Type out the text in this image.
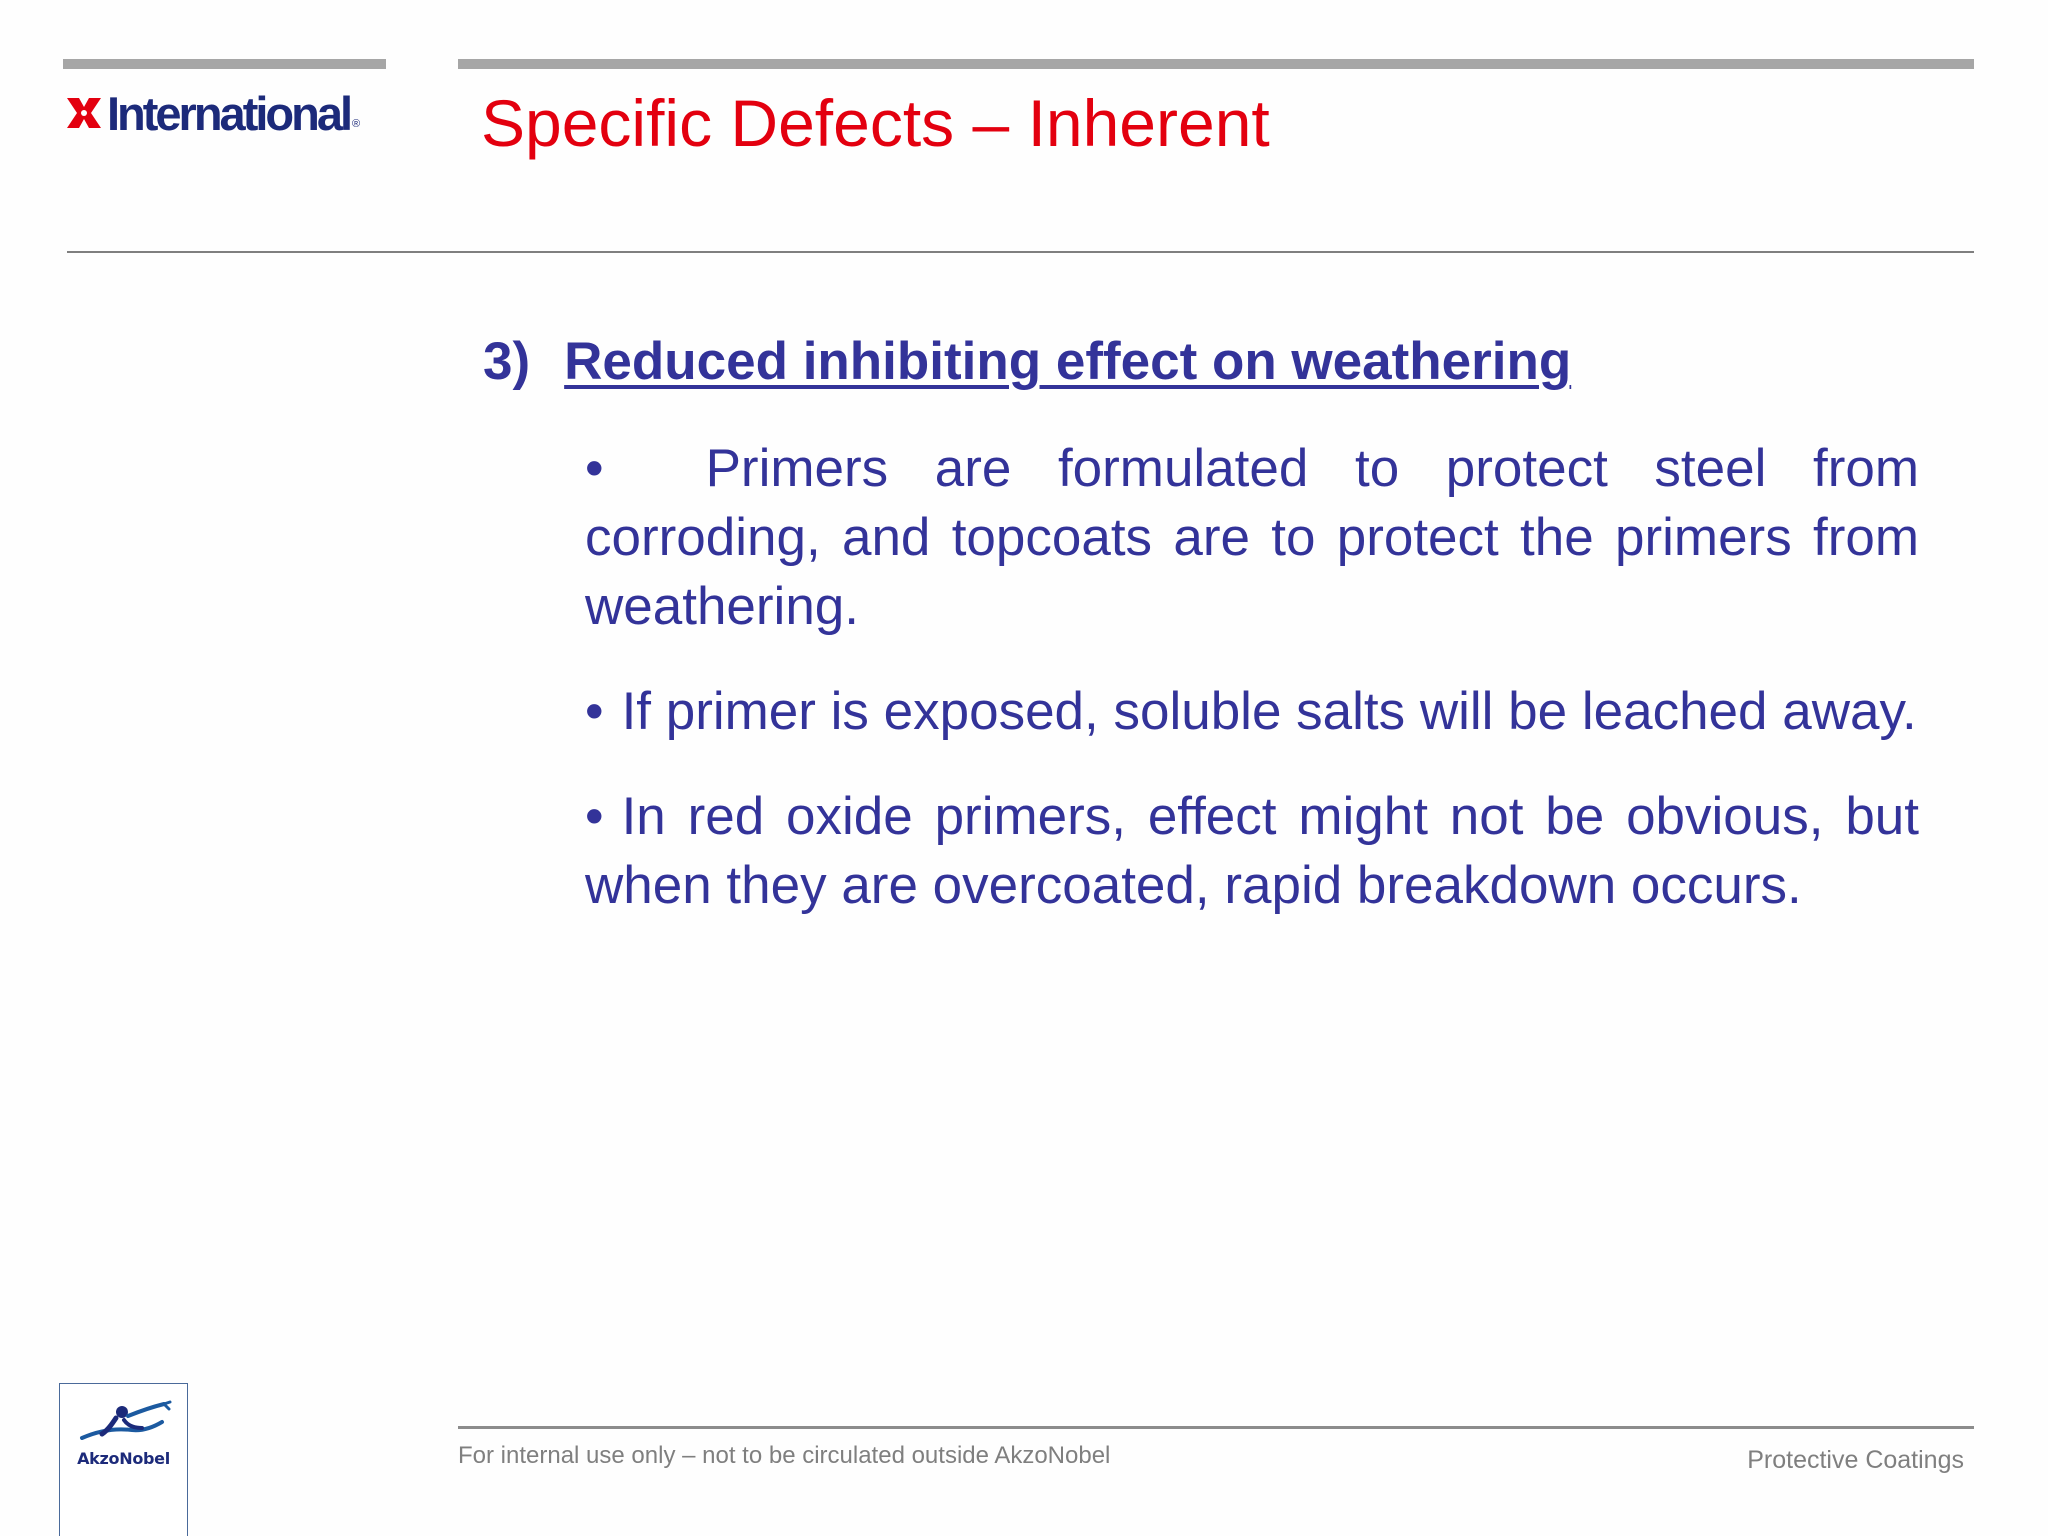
International ® Specific Defects – Inherent
3) Reduced inhibiting effect on weathering

• Primers are formulated to protect steel from corroding, and topcoats are to protect the primers from weathering.

• If primer is exposed, soluble salts will be leached away.

• In red oxide primers, effect might not be obvious, but when they are overcoated, rapid breakdown occurs.

For internal use only – not to be circulated outside AkzoNobel	Protective Coatings
AkzoNobel
